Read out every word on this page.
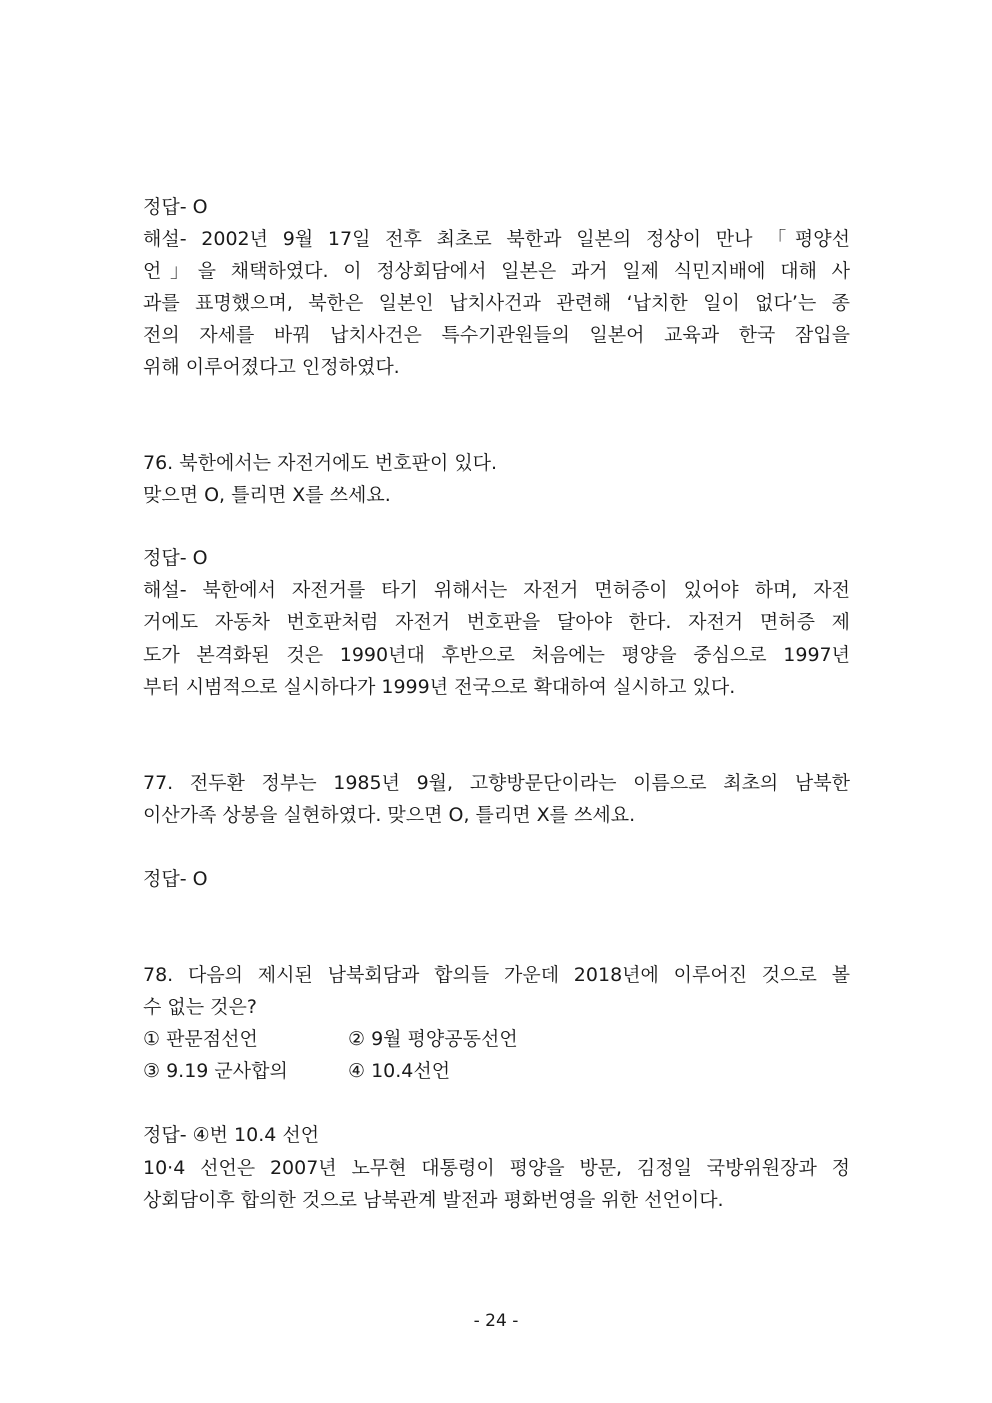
정답- O
해설- 2002년 9월 17일 전후 최초로 북한과 일본의 정상이 만나 「평양선
언」을 채택하였다. 이 정상회담에서 일본은 과거 일제 식민지배에 대해 사
과를 표명했으며, 북한은 일본인 납치사건과 관련해 ‘납치한 일이 없다’는 종
전의 자세를 바꿔 납치사건은 특수기관원들의 일본어 교육과 한국 잠입을
위해 이루어졌다고 인정하였다.
76. 북한에서는 자전거에도 번호판이 있다.
맞으면 O, 틀리면 X를 쓰세요.
정답- O
해설- 북한에서 자전거를 타기 위해서는 자전거 면허증이 있어야 하며, 자전
거에도 자동차 번호판처럼 자전거 번호판을 달아야 한다. 자전거 면허증 제
도가 본격화된 것은 1990년대 후반으로 처음에는 평양을 중심으로 1997년
부터 시범적으로 실시하다가 1999년 전국으로 확대하여 실시하고 있다.
77. 전두환 정부는 1985년 9월, 고향방문단이라는 이름으로 최초의 남북한
이산가족 상봉을 실현하였다. 맞으면 O, 틀리면 X를 쓰세요.
정답- O
78. 다음의 제시된 남북회담과 합의들 가운데 2018년에 이루어진 것으로 볼
수 없는 것은?
① 판문점선언	② 9월 평양공동선언
③ 9.19 군사합의	④ 10.4선언
정답- ④번 10.4 선언
10·4 선언은 2007년 노무현 대통령이 평양을 방문, 김정일 국방위원장과 정
상회담이후 합의한 것으로 남북관계 발전과 평화번영을 위한 선언이다.
- 24 -
